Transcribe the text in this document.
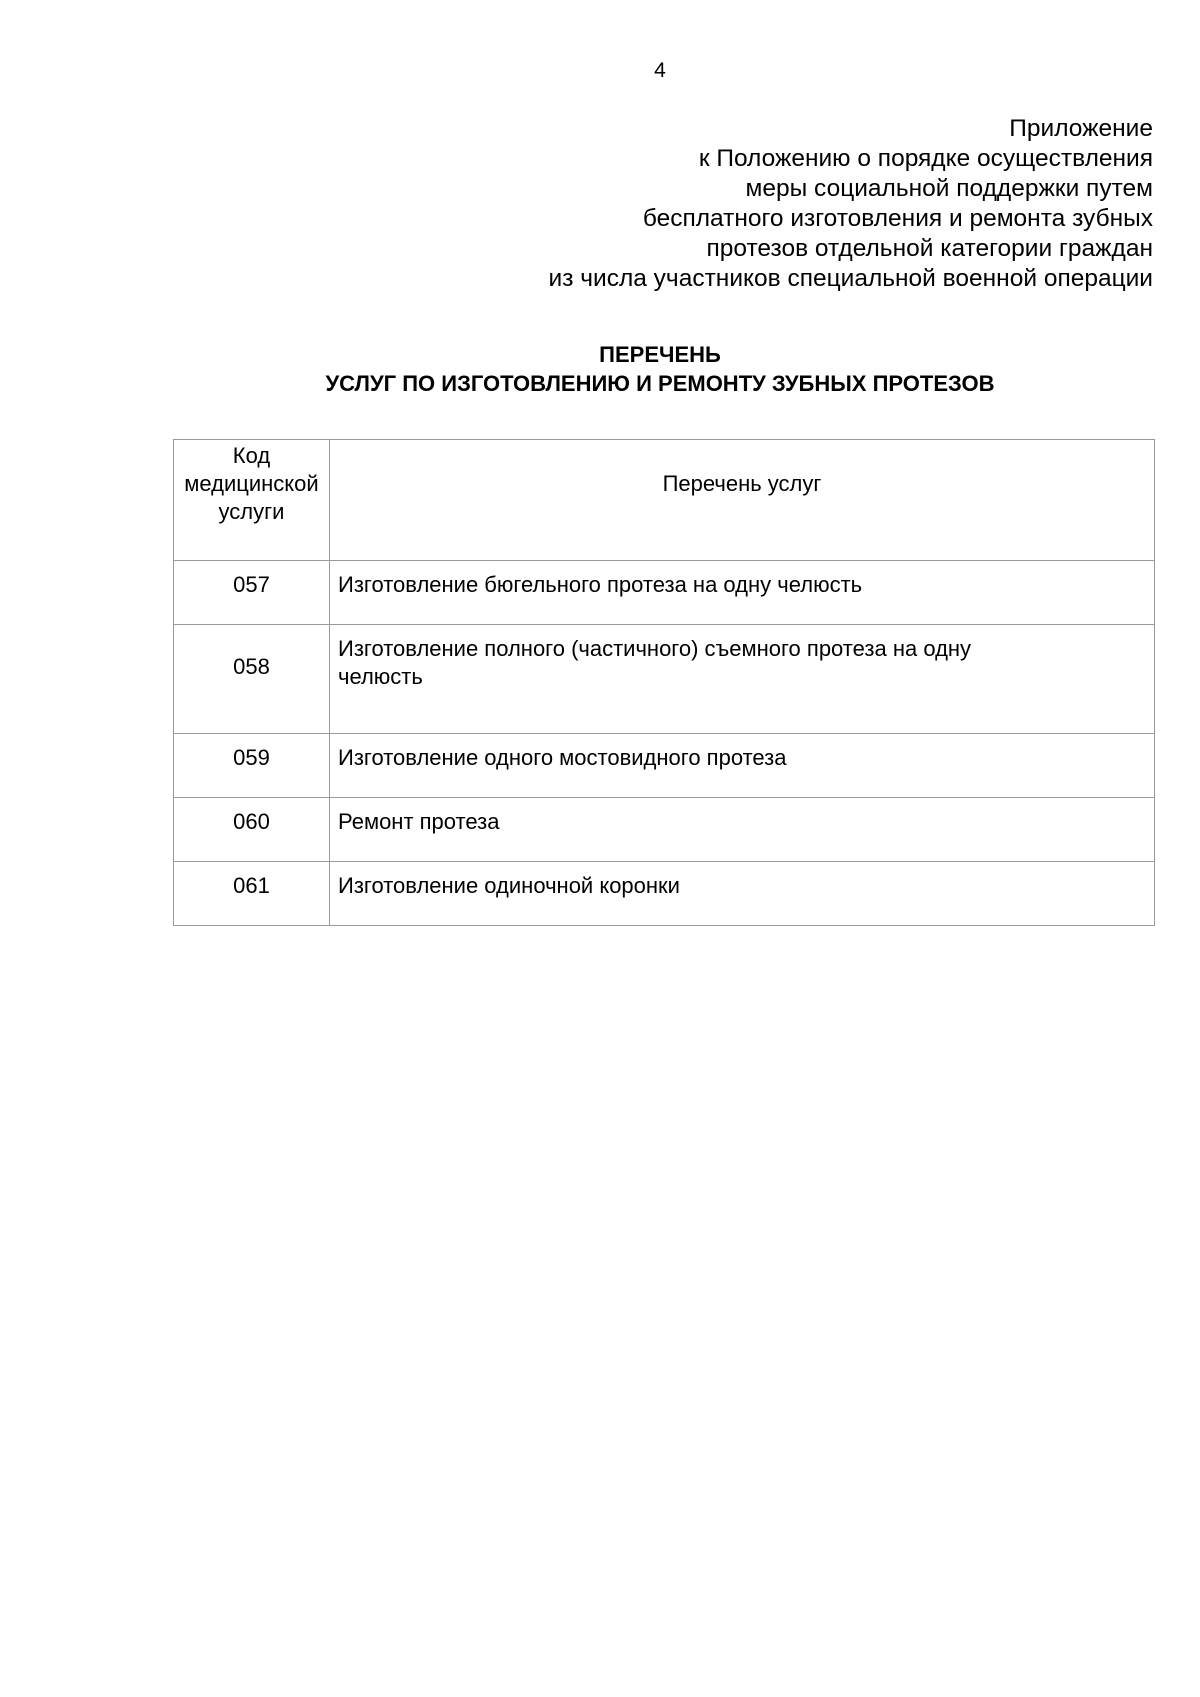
4
Приложение
к Положению о порядке осуществления
меры социальной поддержки путем
бесплатного изготовления и ремонта зубных
протезов отдельной категории граждан
из числа участников специальной военной операции
ПЕРЕЧЕНЬ
УСЛУГ ПО ИЗГОТОВЛЕНИЮ И РЕМОНТУ ЗУБНЫХ ПРОТЕЗОВ
Код
медицинской
услуги	Перечень услуг
057	Изготовление бюгельного протеза на одну челюсть

058	Изготовление полного (частичного) съемного протеза на одну
челюсть

059	Изготовление одного мостовидного протеза

060	Ремонт протеза

061	Изготовление одиночной коронки
